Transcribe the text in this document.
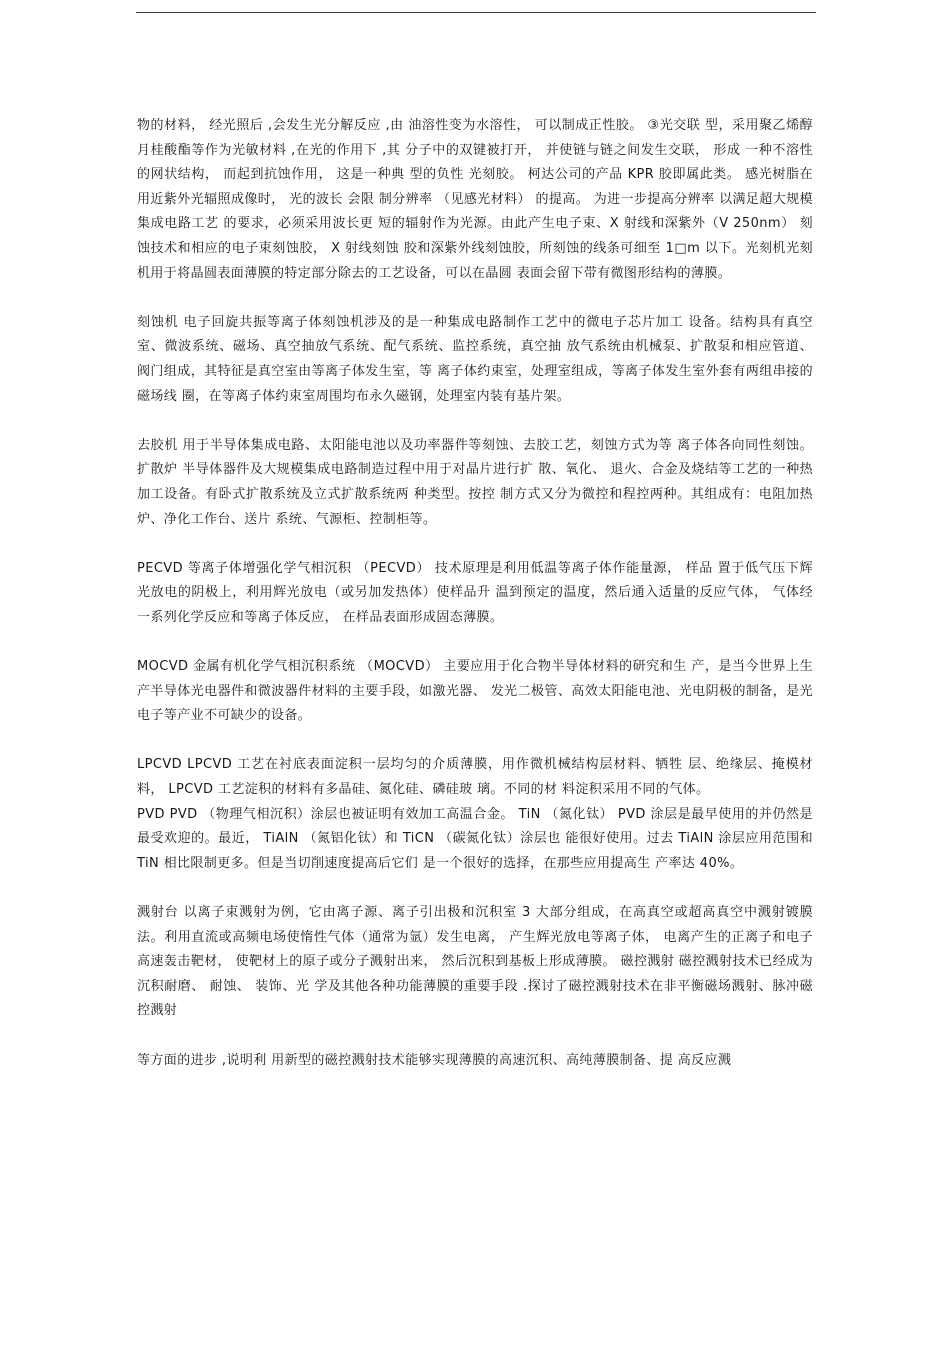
物的材料， 经光照后 ,会发生光分解反应 ,由 油溶性变为水溶性， 可以制成正性胶。 ③光交联 型，采用聚乙烯醇月桂酸酯等作为光敏材料 ,在光的作用下 ,其 分子中的双键被打开， 并使链与链之间发生交联， 形成 一种不溶性的网状结构， 而起到抗蚀作用， 这是一种典 型的负性 光刻胶。 柯达公司的产品 KPR 胶即属此类。 感光树脂在用近紫外光辐照成像时， 光的波长 会限 制分辨率 （见感光材料） 的提高。 为进一步提高分辨率 以满足超大规模集成电路工艺 的要求，必须采用波长更 短的辐射作为光源。由此产生电子束、X 射线和深紫外（V 250nm） 刻蚀技术和相应的电子束刻蚀胶， X 射线刻蚀 胶和深紫外线刻蚀胶，所刻蚀的线条可细至 1□m 以下。光刻机光刻机用于将晶圆表面薄膜的特定部分除去的工艺设备，可以在晶圆 表面会留下带有微图形结构的薄膜。

刻蚀机 电子回旋共振等离子体刻蚀机涉及的是一种集成电路制作工艺中的微电子芯片加工 设备。结构具有真空室、微波系统、磁场、真空抽放气系统、配气系统、监控系统，真空抽 放气系统由机械泵、扩散泵和相应管道、 阀门组成，其特征是真空室由等离子体发生室，等 离子体约束室，处理室组成，等离子体发生室外套有两组串接的磁场线 圈，在等离子体约束室周围均布永久磁钢，处理室内装有基片架。

去胶机 用于半导体集成电路、太阳能电池以及功率器件等刻蚀、去胶工艺，刻蚀方式为等 离子体各向同性刻蚀。 扩散炉 半导体器件及大规模集成电路制造过程中用于对晶片进行扩 散、氧化、 退火、合金及烧结等工艺的一种热加工设备。有卧式扩散系统及立式扩散系统两 种类型。按控 制方式又分为微控和程控两种。其组成有：电阻加热炉、净化工作台、送片 系统、气源柜、控制柜等。

PECVD 等离子体增强化学气相沉积 （PECVD） 技术原理是利用低温等离子体作能量源， 样品 置于低气压下辉光放电的阴极上，利用辉光放电（或另加发热体）使样品升 温到预定的温度，然后通入适量的反应气体， 气体经一系列化学反应和等离子体反应， 在样品表面形成固态薄膜。

MOCVD 金属有机化学气相沉积系统 （MOCVD） 主要应用于化合物半导体材料的研究和生 产，是当今世界上生产半导体光电器件和微波器件材料的主要手段，如激光器、 发光二极管、高效太阳能电池、光电阴极的制备，是光电子等产业不可缺少的设备。

LPCVD LPCVD 工艺在衬底表面淀积一层均匀的介质薄膜，用作微机械结构层材料、牺牲 层、绝缘层、掩模材料， LPCVD 工艺淀积的材料有多晶硅、氮化硅、磷硅玻 璃。不同的材 料淀积采用不同的气体。

PVD PVD （物理气相沉积）涂层也被证明有效加工高温合金。 TiN （氮化钛） PVD 涂层是最早使用的并仍然是最受欢迎的。最近， TiAlN （氮铝化钛）和 TiCN （碳氮化钛）涂层也 能很好使用。过去 TiAlN 涂层应用范围和 TiN 相比限制更多。但是当切削速度提高后它们 是一个很好的选择，在那些应用提高生 产率达 40%。

溅射台 以离子束溅射为例，它由离子源、离子引出极和沉积室 3 大部分组成，在高真空或超高真空中溅射镀膜法。利用直流或高频电场使惰性气体（通常为氩）发生电离， 产生辉光放电等离子体， 电离产生的正离子和电子高速轰击靶材， 使靶材上的原子或分子溅射出来， 然后沉积到基板上形成薄膜。 磁控溅射 磁控溅射技术已经成为沉积耐磨、 耐蚀、 装饰、光 学及其他各种功能薄膜的重要手段 .探讨了磁控溅射技术在非平衡磁场溅射、脉冲磁控溅射

等方面的进步 ,说明利 用新型的磁控溅射技术能够实现薄膜的高速沉积、高纯薄膜制备、提 高反应溅
